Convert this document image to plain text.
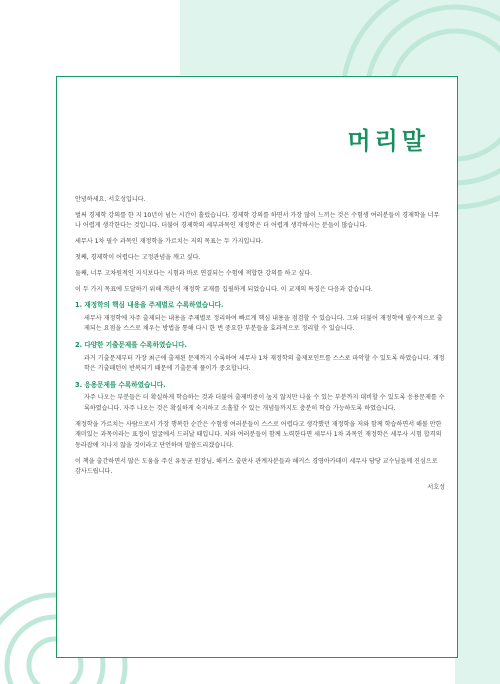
머리말

안녕하세요. 서호성입니다.

벌써 경제학 강의를 한 지 10년이 넘는 시간이 흘렀습니다. 경제학 강의를 하면서 가장 많이 느끼는 것은 수험생 여러분들이 경제학을 너무나 어렵게 생각한다는 것입니다. 더불어 경제학의 세부과목인 재정학은 더 어렵게 생각하시는 분들이 많습니다.

세무사 1차 필수 과목인 재정학을 가르치는 저의 목표는 두 가지입니다.

첫째, 경제학이 어렵다는 고정관념을 깨고 싶다.

둘째, 너무 고차원적인 지식보다는 시험과 바로 연결되는 수험에 적합한 강의를 하고 싶다.

이 두 가지 목표에 도달하기 위해 객관식 재정학 교재를 집필하게 되었습니다. 이 교재의 특징은 다음과 같습니다.

1. 재정학의 핵심 내용을 주제별로 수록하였습니다.
세무사 재정학에 자주 출제되는 내용을 주제별로 정리하여 빠르게 핵심 내용을 점검할 수 있습니다. 그와 더불어 재정학에 필수적으로 출제되는 요점을 스스로 채우는 방법을 통해 다시 한 번 중요한 부분들을 효과적으로 정리할 수 있습니다.
2. 다양한 기출문제를 수록하였습니다.
과거 기출문제부터 가장 최근에 출제된 문제까지 수록하여 세무사 1차 재정학의 출제포인트를 스스로 파악할 수 있도록 하였습니다. 재정학은 기출패턴이 반복되기 때문에 기출문제 풀이가 중요합니다.
3. 응용문제를 수록하였습니다.
자주 나오는 부분들은 더 확실하게 학습하는 것과 더불어 출제비중이 높지 않지만 나올 수 있는 부분까지 대비할 수 있도록 응용문제를 수록하였습니다. 자주 나오는 것은 확실하게 숙지하고 소홀할 수 있는 개념들까지도 충분히 학습 가능하도록 하였습니다.

재정학을 가르치는 사람으로서 가장 행복한 순간은 수험생 여러분들이 스스로 어렵다고 생각했던 재정학을 저와 함께 학습하면서 해볼 만한 재미있는 과목이라는 표정이 얼굴에서 드러날 때입니다. 저와 여러분들이 함께 노력한다면 세무사 1차 과목인 재정학은 세무사 시험 합격의 동라잡에 지나지 않을 것이라고 단언하며 말씀드리겠습니다.

이 책을 출간하면서 많은 도움을 주신 유동균 원장님, 해커스 출판사 관계자분들과 해커스 경영아카데미 세무사 담당 교수님들께 진심으로 감사드립니다.

서호성
